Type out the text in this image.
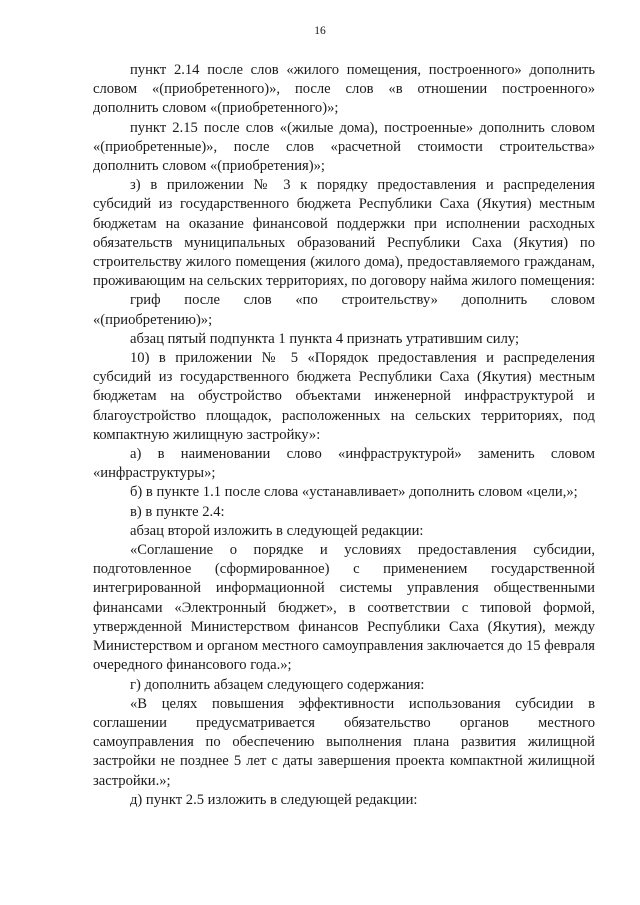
16

пункт 2.14 после слов «жилого помещения, построенного» дополнить словом «(приобретенного)», после слов «в отношении построенного» дополнить словом «(приобретенного)»;

пункт 2.15 после слов «(жилые дома), построенные» дополнить словом «(приобретенные)», после слов «расчетной стоимости строительства» дополнить словом «(приобретения)»;

з) в приложении № 3 к порядку предоставления и распределения субсидий из государственного бюджета Республики Саха (Якутия) местным бюджетам на оказание финансовой поддержки при исполнении расходных обязательств муниципальных образований Республики Саха (Якутия) по строительству жилого помещения (жилого дома), предоставляемого гражданам, проживающим на сельских территориях, по договору найма жилого помещения:

гриф после слов «по строительству» дополнить словом «(приобретению)»;

абзац пятый подпункта 1 пункта 4 признать утратившим силу;

10) в приложении № 5 «Порядок предоставления и распределения субсидий из государственного бюджета Республики Саха (Якутия) местным бюджетам на обустройство объектами инженерной инфраструктурой и благоустройство площадок, расположенных на сельских территориях, под компактную жилищную застройку»:

а) в наименовании слово «инфраструктурой» заменить словом «инфраструктуры»;

б) в пункте 1.1 после слова «устанавливает» дополнить словом «цели,»;

в) в пункте 2.4:

абзац второй изложить в следующей редакции:

«Соглашение о порядке и условиях предоставления субсидии, подготовленное (сформированное) с применением государственной интегрированной информационной системы управления общественными финансами «Электронный бюджет», в соответствии с типовой формой, утвержденной Министерством финансов Республики Саха (Якутия), между Министерством и органом местного самоуправления заключается до 15 февраля очередного финансового года.»;

г) дополнить абзацем следующего содержания:

«В целях повышения эффективности использования субсидии в соглашении предусматривается обязательство органов местного самоуправления по обеспечению выполнения плана развития жилищной застройки не позднее 5 лет с даты завершения проекта компактной жилищной застройки.»;

д) пункт 2.5 изложить в следующей редакции:
